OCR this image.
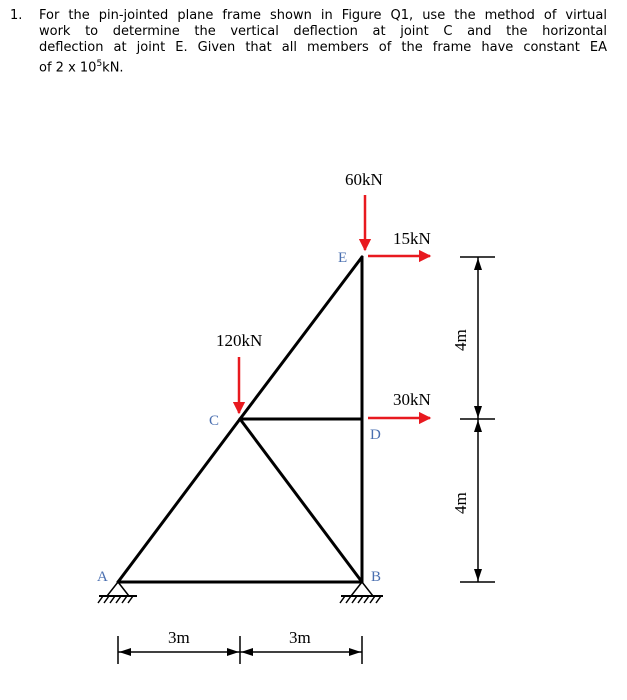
1. For the pin-jointed plane frame shown in Figure Q1, use the method of virtual
work to determine the vertical deflection at joint C and the horizontal
deflection at joint E. Given that all members of the frame have constant EA
of 2 x $10^5kN$.
60kN
15kN
120kN
30kN
A	B
C
D
E
3m	3m
4m
4m
